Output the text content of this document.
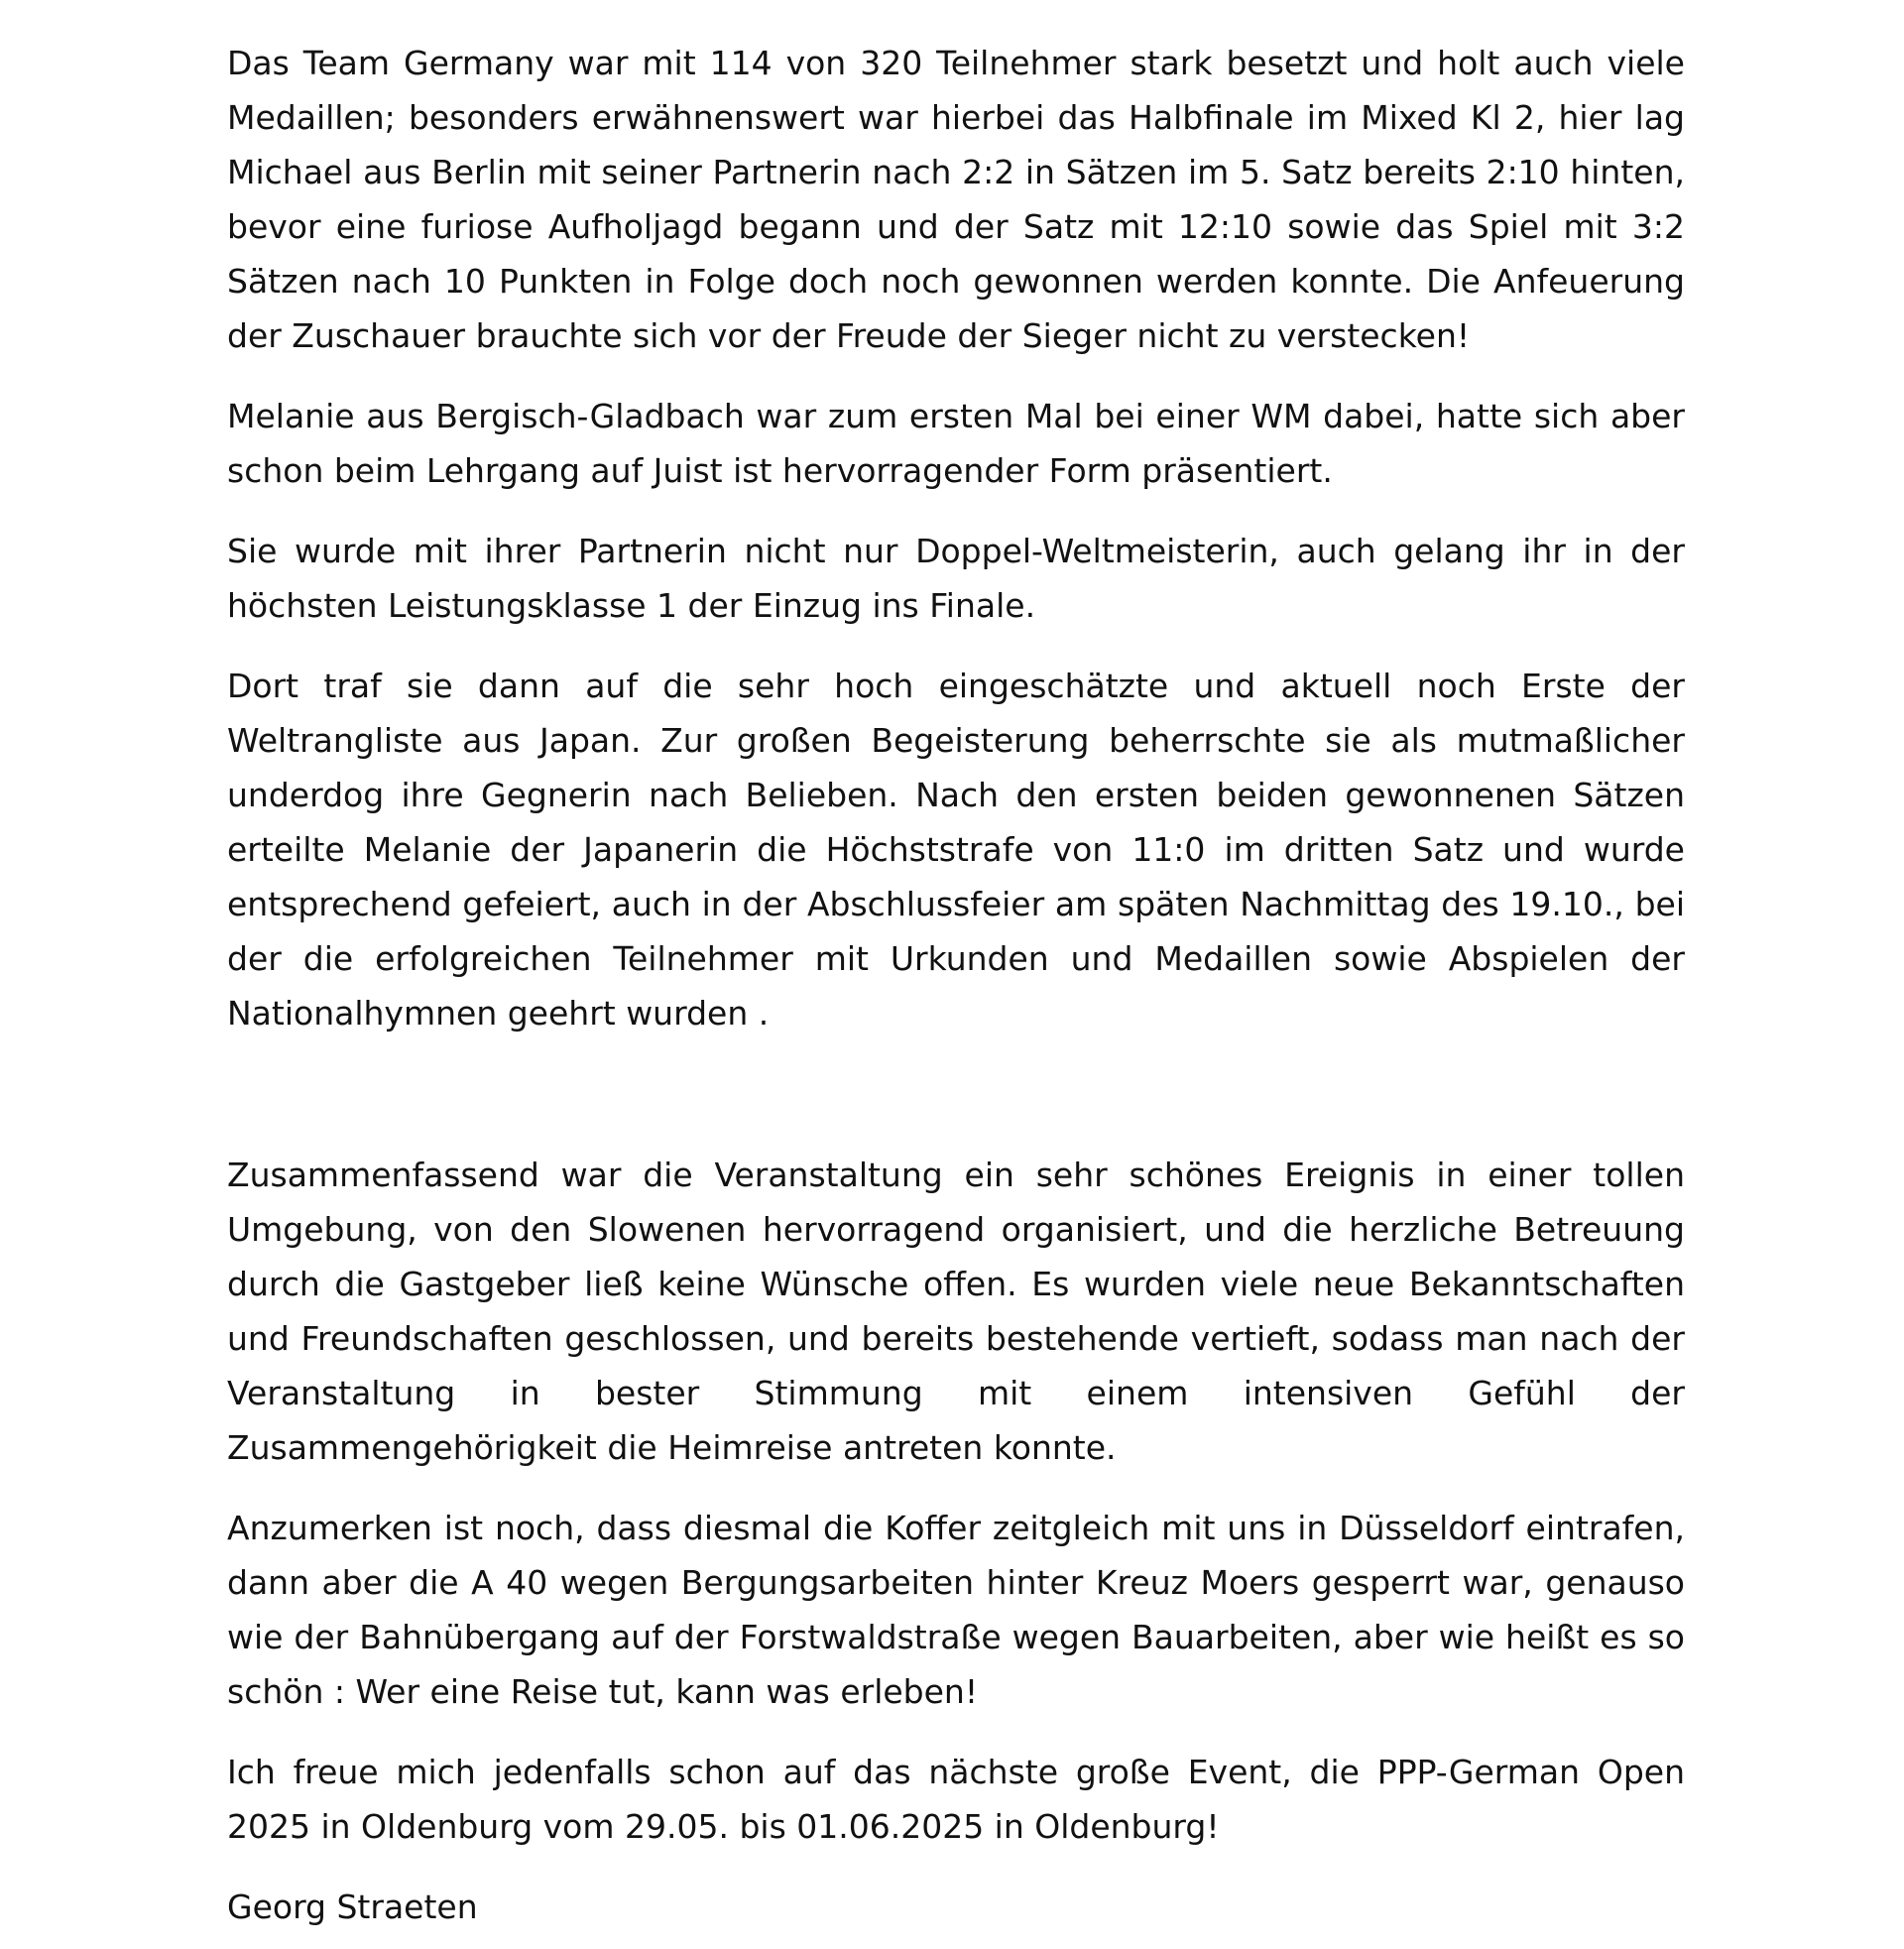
Das Team Germany war mit 114 von 320 Teilnehmer stark besetzt und holt auch viele Medaillen; besonders erwähnenswert war hierbei das Halbfinale im Mixed Kl 2, hier lag Michael aus Berlin mit seiner Partnerin nach 2:2 in Sätzen im 5. Satz bereits 2:10 hinten, bevor eine furiose Aufholjagd begann und der Satz mit 12:10 sowie das Spiel mit 3:2 Sätzen nach 10 Punkten in Folge doch noch gewonnen werden konnte. Die Anfeuerung der Zuschauer brauchte sich vor der Freude der Sieger nicht zu verstecken!

Melanie aus Bergisch-Gladbach war zum ersten Mal bei einer WM dabei, hatte sich aber schon beim Lehrgang auf Juist ist hervorragender Form präsentiert.

Sie wurde mit ihrer Partnerin nicht nur Doppel-Weltmeisterin, auch gelang ihr in der höchsten Leistungsklasse 1 der Einzug ins Finale.

Dort traf sie dann auf die sehr hoch eingeschätzte und aktuell noch Erste der Weltrangliste aus Japan. Zur großen Begeisterung beherrschte sie als mutmaßlicher underdog ihre Gegnerin nach Belieben. Nach den ersten beiden gewonnenen Sätzen erteilte Melanie der Japanerin die Höchststrafe von 11:0 im dritten Satz und wurde entsprechend gefeiert, auch in der Abschlussfeier am späten Nachmittag des 19.10., bei der die erfolgreichen Teilnehmer mit Urkunden und Medaillen sowie Abspielen der Nationalhymnen geehrt wurden .

Zusammenfassend war die Veranstaltung ein sehr schönes Ereignis in einer tollen Umgebung, von den Slowenen hervorragend organisiert, und die herzliche Betreuung durch die Gastgeber ließ keine Wünsche offen. Es wurden viele neue Bekanntschaften und Freundschaften geschlossen, und bereits bestehende vertieft, sodass man nach der Veranstaltung in bester Stimmung mit einem intensiven Gefühl der Zusammengehörigkeit die Heimreise antreten konnte.

Anzumerken ist noch, dass diesmal die Koffer zeitgleich mit uns in Düsseldorf eintrafen, dann aber die A 40 wegen Bergungsarbeiten hinter Kreuz Moers gesperrt war, genauso wie der Bahnübergang auf der Forstwaldstraße wegen Bauarbeiten, aber wie heißt es so schön : Wer eine Reise tut, kann was erleben!

Ich freue mich jedenfalls schon auf das nächste große Event, die PPP-German Open 2025 in Oldenburg vom 29.05. bis 01.06.2025 in Oldenburg!

Georg Straeten
